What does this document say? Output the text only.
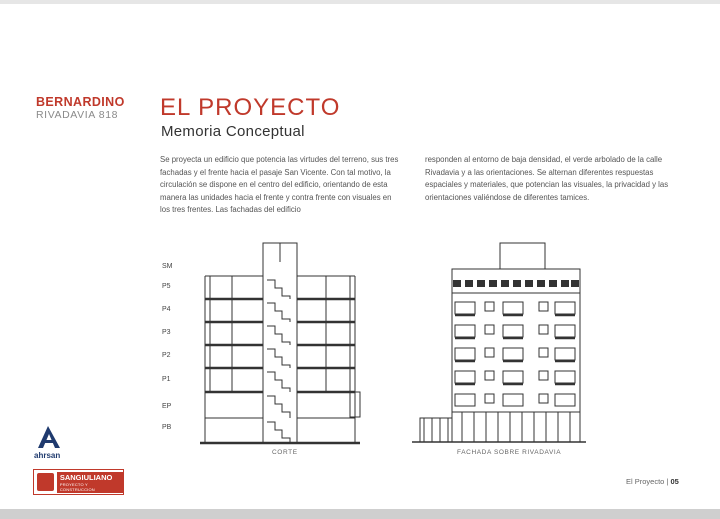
BERNARDINO
RIVADAVIA 818 EL PROYECTO
Memoria Conceptual
Se proyecta un edificio que potencia las virtudes del terreno, sus tres fachadas y el frente hacia el pasaje San Vicente. Con tal motivo, la circulación se dispone en el centro del edificio, orientando de esta manera las unidades hacia el frente y contra frente con visuales en los tres frentes. Las fachadas del edificio
responden al entorno de baja densidad, el verde arbolado de la calle Rivadavia y a las orientaciones. Se alternan diferentes respuestas espaciales y materiales, que potencian las visuales, la privacidad y las orientaciones valiéndose de diferentes tamices.
SM
P5
P4
P3
P2
P1
EP
PB
CORTE	FACHADA SOBRE RIVADAVIA
ahrsan
SANGIULIANO
PROYECTO Y CONSTRUCCION
El Proyecto | 05
